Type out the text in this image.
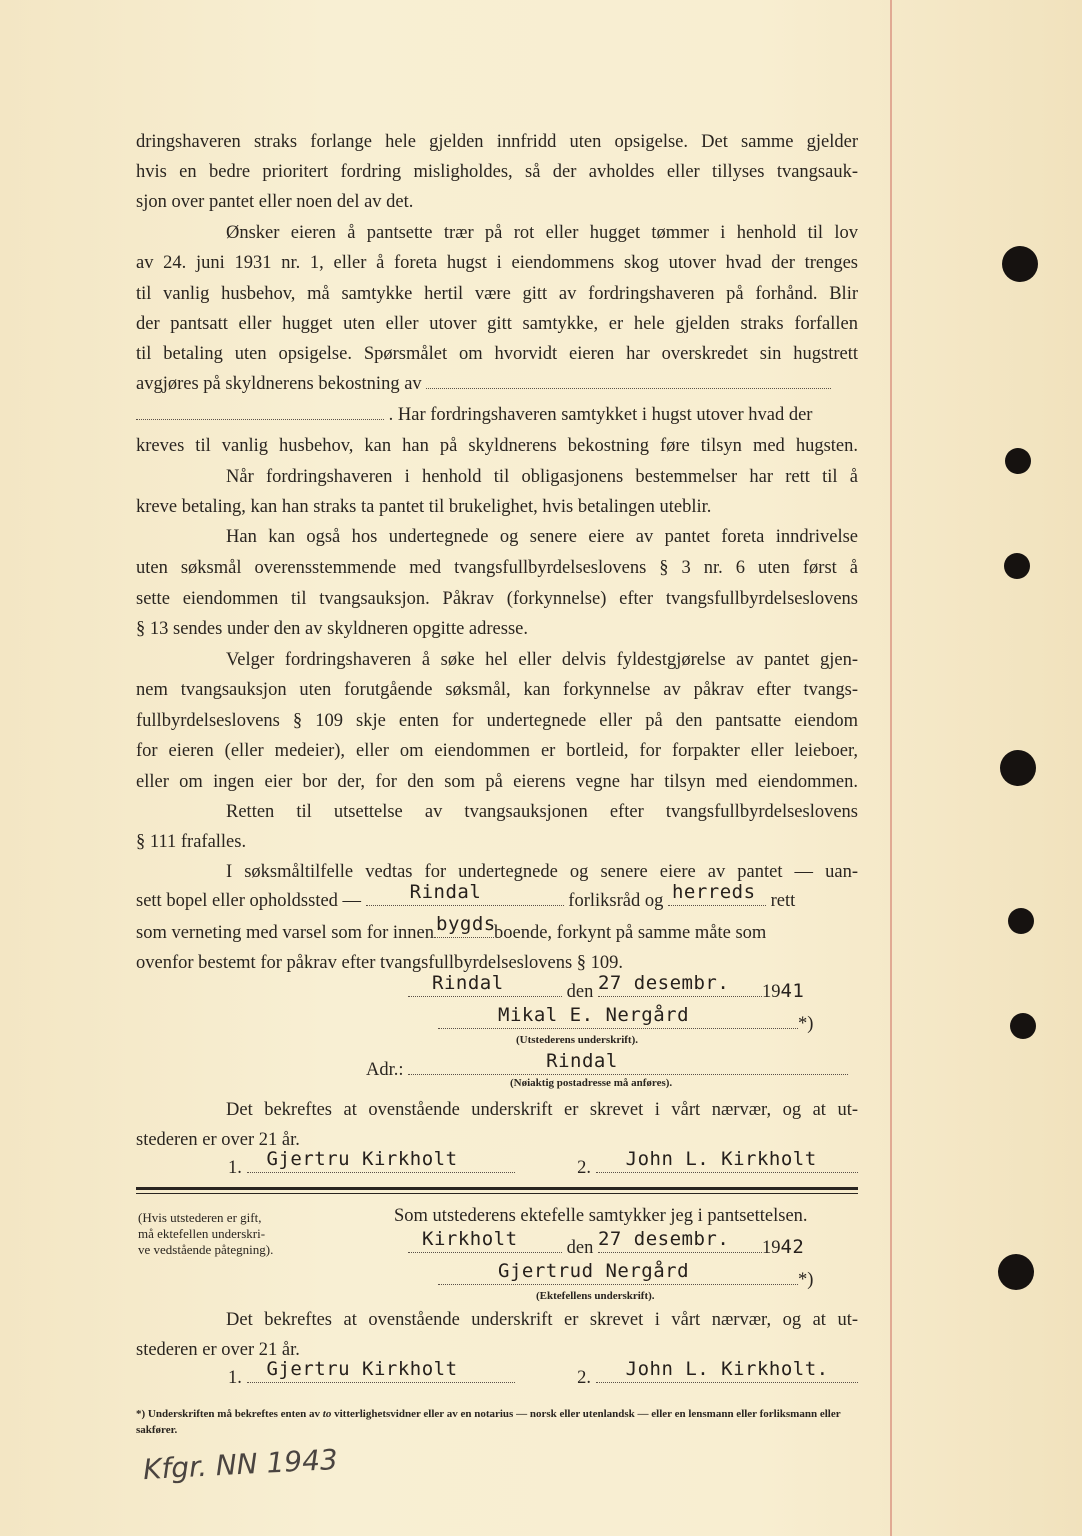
dringshaveren straks forlange hele gjelden innfridd uten opsigelse. Det samme gjelder
hvis en bedre prioritert fordring misligholdes, så der avholdes eller tillyses tvangsauk-
sjon over pantet eller noen del av det.
Ønsker eieren å pantsette trær på rot eller hugget tømmer i henhold til lov
av 24. juni 1931 nr. 1, eller å foreta hugst i eiendommens skog utover hvad der trenges
til vanlig husbehov, må samtykke hertil være gitt av fordringshaveren på forhånd. Blir
der pantsatt eller hugget uten eller utover gitt samtykke, er hele gjelden straks forfallen
til betaling uten opsigelse. Spørsmålet om hvorvidt eieren har overskredet sin hugstrett
avgjøres på skyldnerens bekostning av
. Har fordringshaveren samtykket i hugst utover hvad der
kreves til vanlig husbehov, kan han på skyldnerens bekostning føre tilsyn med hugsten.
Når fordringshaveren i henhold til obligasjonens bestemmelser har rett til å
kreve betaling, kan han straks ta pantet til brukelighet, hvis betalingen uteblir.
Han kan også hos undertegnede og senere eiere av pantet foreta inndrivelse
uten søksmål overensstemmende med tvangsfullbyrdelseslovens § 3 nr. 6 uten først å
sette eiendommen til tvangsauksjon. Påkrav (forkynnelse) efter tvangsfullbyrdelseslovens
§ 13 sendes under den av skyldneren opgitte adresse.
Velger fordringshaveren å søke hel eller delvis fyldestgjørelse av pantet gjen-
nem tvangsauksjon uten forutgående søksmål, kan forkynnelse av påkrav efter tvangs-
fullbyrdelseslovens § 109 skje enten for undertegnede eller på den pantsatte eiendom
for eieren (eller medeier), eller om eiendommen er bortleid, for forpakter eller leieboer,
eller om ingen eier bor der, for den som på eierens vegne har tilsyn med eiendommen.
Retten til utsettelse av tvangsauksjonen efter tvangsfullbyrdelseslovens
§ 111 frafalles.
I søksmåltilfelle vedtas for undertegnede og senere eiere av pantet — uan-
sett bopel eller opholdssted —	Rindal	forliksråd og herreds rett
som verneting med varsel som for innen bygds
boende, forkynt på samme måte som
ovenfor bestemt for påkrav efter tvangsfullbyrdelseslovens § 109.
Rindal	den 27 desembr. 1941
Mikal E. Nergård	*)
(Utstederens underskrift).
Adr.:	Rindal
(Nøiaktig postadresse må anføres).
Det bekreftes at ovenstående underskrift er skrevet i vårt nærvær, og at ut-
stederen er over 21 år.
1. Gjertru Kirkholt	2. John L. Kirkholt
(Hvis utstederen er gift,
må ektefellen underskri-
ve vedstående påtegning).
Som utstederens ektefelle samtykker jeg i pantsettelsen.
Kirkholt	den 27 desembr. 1942
Gjertrud Nergård	*)
(Ektefellens underskrift).
Det bekreftes at ovenstående underskrift er skrevet i vårt nærvær, og at ut-
stederen er over 21 år.
1. Gjertru Kirkholt	2. John L. Kirkholt.
*) Underskriften må bekreftes enten av to vitterlighetsvidner eller av en notarius — norsk eller utenlandsk — eller en lensmann eller forliksmann eller sakfører.
Kfgr. NN 1943
